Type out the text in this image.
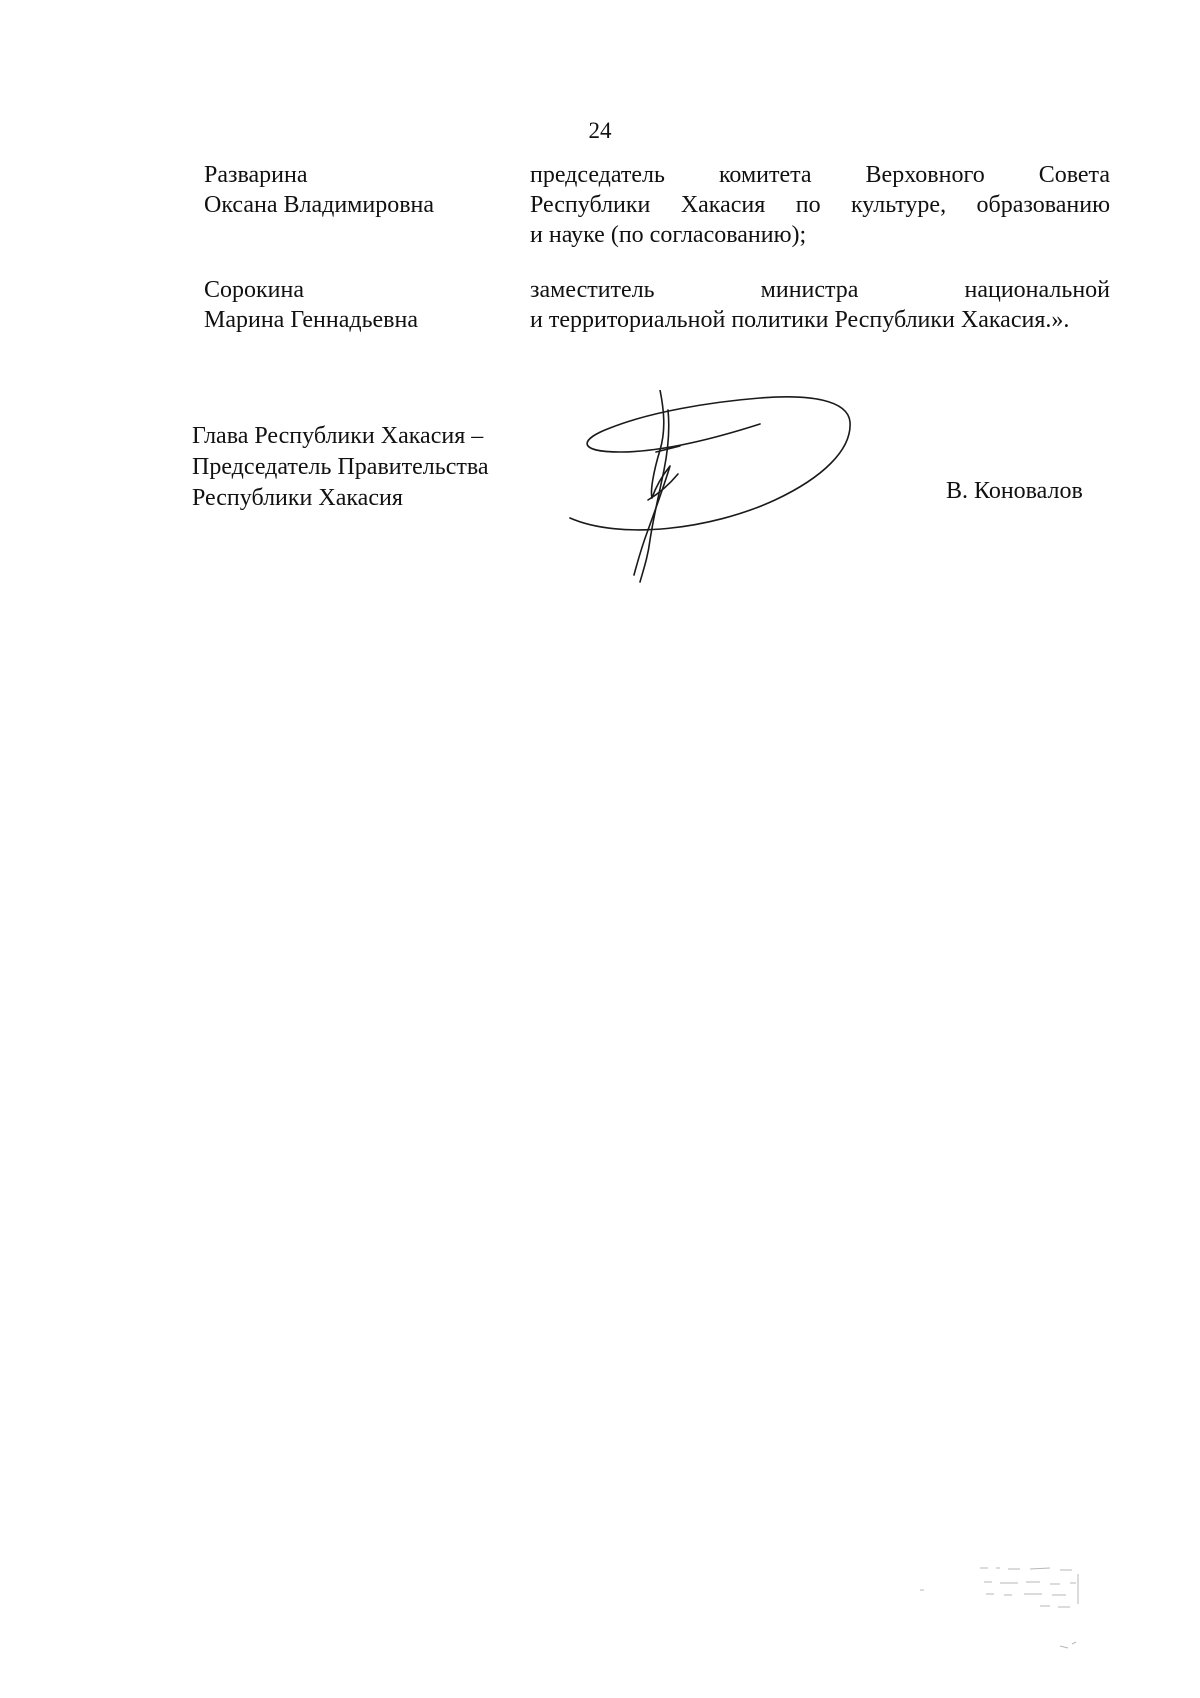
24
Разварина
Оксана Владимировна
председатель комитета Верховного Совета
Республики Хакасия по культуре, образованию
и науке (по согласованию);
Сорокина
Марина Геннадьевна
заместитель министра национальной
и территориальной политики Республики Хакасия.».
Глава Республики Хакасия –
Председатель Правительства
Республики Хакасия	В. Коновалов
